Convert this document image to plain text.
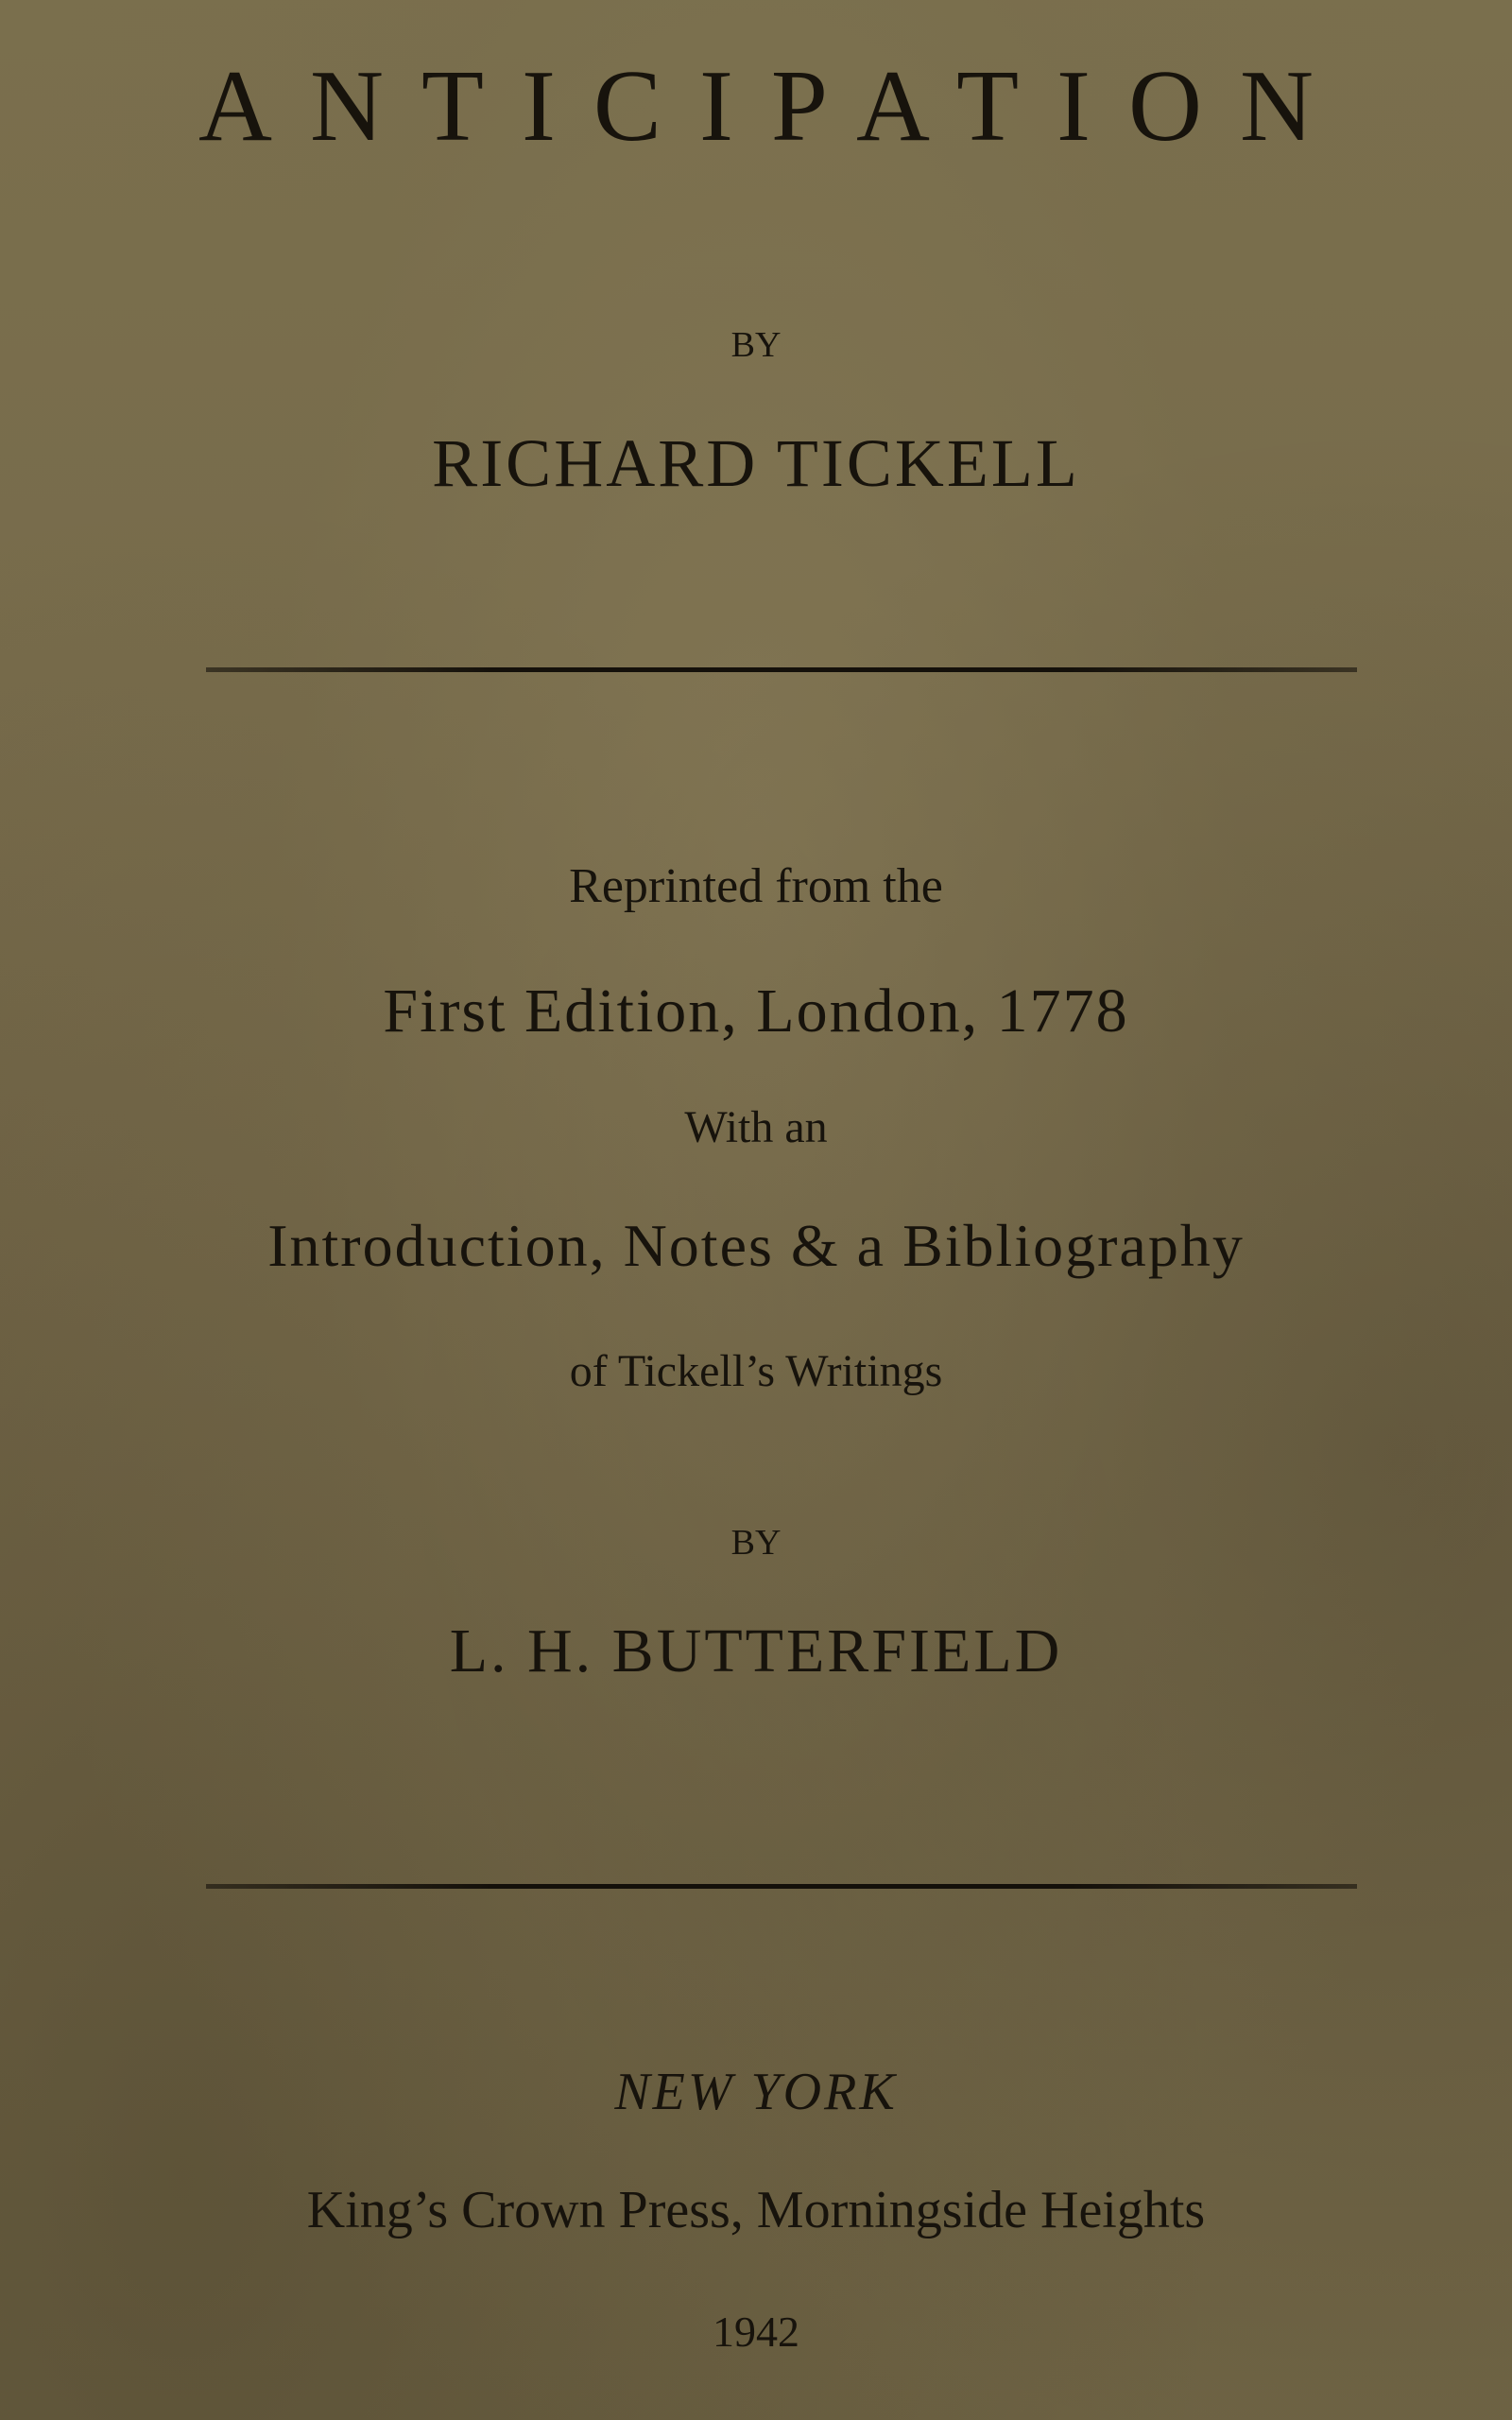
ANTICIPATION
BY
RICHARD TICKELL
Reprinted from the
First Edition, London, 1778
With an
Introduction, Notes & a Bibliography
of Tickell’s Writings
BY
L. H. BUTTERFIELD
NEW YORK
King’s Crown Press, Morningside Heights
1942
